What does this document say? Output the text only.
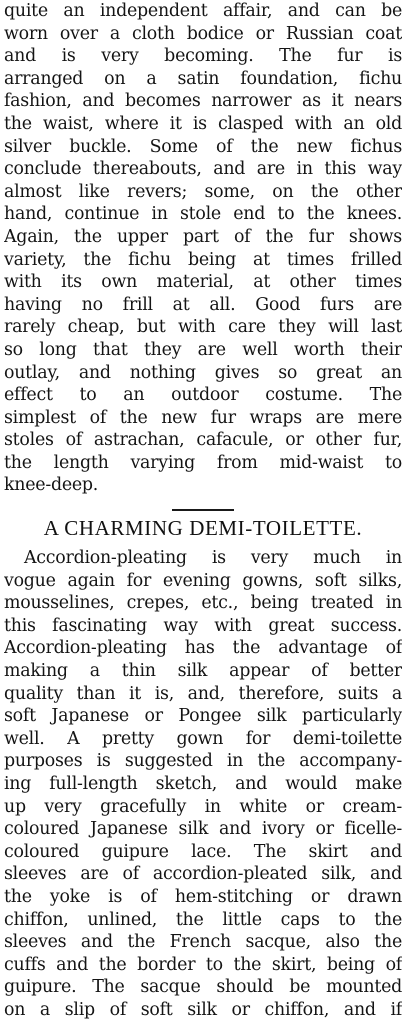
quite an independent affair, and can be
worn over a cloth bodice or Russian coat
and is very becoming. The fur is
arranged on a satin foundation, fichu
fashion, and becomes narrower as it nears
the waist, where it is clasped with an old
silver buckle. Some of the new fichus
conclude thereabouts, and are in this way
almost like revers; some, on the other
hand, continue in stole end to the knees.
Again, the upper part of the fur shows
variety, the fichu being at times frilled
with its own material, at other times
having no frill at all. Good furs are
rarely cheap, but with care they will last
so long that they are well worth their
outlay, and nothing gives so great an
effect to an outdoor costume. The
simplest of the new fur wraps are mere
stoles of astrachan, cafacule, or other fur,
the length varying from mid-waist to
knee-deep.
A CHARMING DEMI-TOILETTE.
Accordion-pleating is very much in
vogue again for evening gowns, soft silks,
mousselines, crepes, etc., being treated in
this fascinating way with great success.
Accordion-pleating has the advantage of
making a thin silk appear of better
quality than it is, and, therefore, suits a
soft Japanese or Pongee silk particularly
well. A pretty gown for demi-toilette
purposes is suggested in the accompany-
ing full-length sketch, and would make
up very gracefully in white or cream-
coloured Japanese silk and ivory or ficelle-
coloured guipure lace. The skirt and
sleeves are of accordion-pleated silk, and
the yoke is of hem-stitching or drawn
chiffon, unlined, the little caps to the
sleeves and the French sacque, also the
cuffs and the border to the skirt, being of
guipure. The sacque should be mounted
on a slip of soft silk or chiffon, and if
